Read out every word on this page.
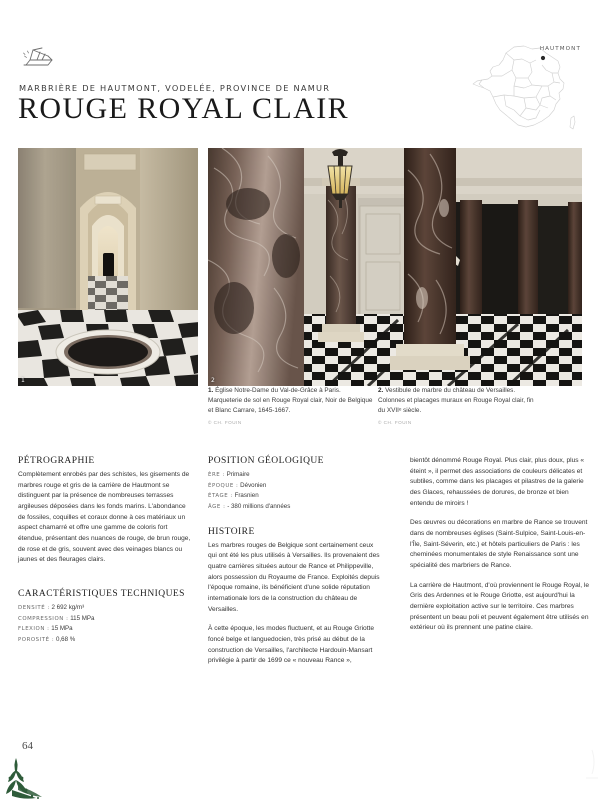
MARBRIÈRE DE HAUTMONT, VODELÉE, PROVINCE DE NAMUR
ROUGE ROYAL CLAIR
HAUTMONT
1	2
1. Église Notre-Dame du Val-de-Grâce à Paris. Marqueterie de sol en Rouge Royal clair, Noir de Belgique et Blanc Carrare, 1645-1667.
© CH. FOUIN
2. Vestibule de marbre du château de Versailles. Colonnes et placages muraux en Rouge Royal clair, fin du XVIIᵉ siècle.
© CH. FOUIN
PÉTROGRAPHIE

Complètement enrobés par des schistes, les gisements de marbres rouge et gris de la carrière de Hautmont se distinguent par la présence de nombreuses terrasses argileuses déposées dans les fonds marins. L'abondance de fossiles, coquilles et coraux donne à ces matériaux un aspect chamarré et offre une gamme de coloris fort étendue, présentant des nuances de rouge, de brun rouge, de rose et de gris, souvent avec des veinages blancs ou jaunes et des fleurages clairs.

CARACTÉRISTIQUES TECHNIQUES
DENSITÉ : 2 692 kg/m³
COMPRESSION : 115 MPa
FLEXION : 15 MPa
POROSITÉ : 0,68 %
POSITION GÉOLOGIQUE
ÈRE : Primaire
ÉPOQUE : Dévonien
ÉTAGE : Frasnien
ÂGE : - 380 millions d'années
HISTOIRE

Les marbres rouges de Belgique sont certainement ceux qui ont été les plus utilisés à Versailles. Ils provenaient des quatre carrières situées autour de Rance et Philippeville, alors possession du Royaume de France. Exploités depuis l'époque romaine, ils bénéficient d'une solide réputation internationale lors de la construction du château de Versailles.

À cette époque, les modes fluctuent, et au Rouge Griotte foncé belge et languedocien, très prisé au début de la construction de Versailles, l'architecte Hardouin-Mansart privilégie à partir de 1699 ce « nouveau Rance »,

bientôt dénommé Rouge Royal. Plus clair, plus doux, plus « éteint », il permet des associations de couleurs délicates et subtiles, comme dans les placages et pilastres de la galerie des Glaces, rehaussées de dorures, de bronze et bien entendu de miroirs !

Des œuvres ou décorations en marbre de Rance se trouvent dans de nombreuses églises (Saint-Sulpice, Saint-Louis-en-l'Île, Saint-Séverin, etc.) et hôtels particuliers de Paris : les cheminées monumentales de style Renaissance sont une spécialité des marbriers de Rance.

La carrière de Hautmont, d'où proviennent le Rouge Royal, le Gris des Ardennes et le Rouge Griotte, est aujourd'hui la dernière exploitation active sur le territoire. Ces marbres présentent un beau poli et peuvent également être utilisés en extérieur où ils prennent une patine claire.

64
